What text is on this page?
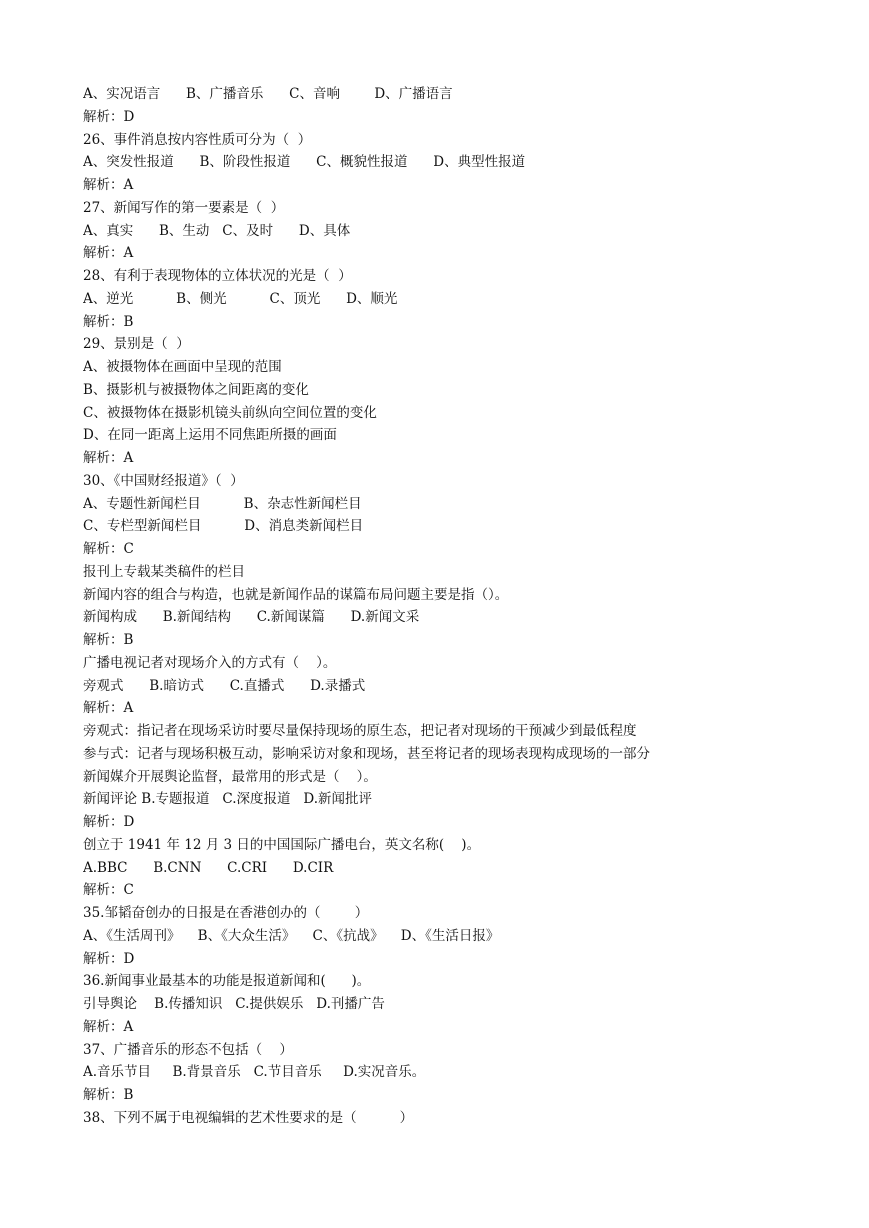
A、实况语言      B、广播音乐      C、音响        D、广播语言
解析：D
26、事件消息按内容性质可分为（  ）
A、突发性报道      B、阶段性报道      C、概貌性报道      D、典型性报道
解析：A
27、新闻写作的第一要素是（  ）
A、真实      B、生动   C、及时      D、具体
解析：A
28、有利于表现物体的立体状况的光是（  ）
A、逆光          B、侧光          C、顶光      D、顺光
解析：B
29、景别是（  ）
A、被摄物体在画面中呈现的范围
B、摄影机与被摄物体之间距离的变化
C、被摄物体在摄影机镜头前纵向空间位置的变化
D、在同一距离上运用不同焦距所摄的画面
解析：A
30、《中国财经报道》（  ）
A、专题性新闻栏目          B、杂志性新闻栏目
C、专栏型新闻栏目          D、消息类新闻栏目
解析：C
报刊上专载某类稿件的栏目
新闻内容的组合与构造，也就是新闻作品的谋篇布局问题主要是指（）。
新闻构成      B.新闻结构      C.新闻谋篇      D.新闻文采
解析：B
广播电视记者对现场介入的方式有（    ）。
旁观式      B.暗访式      C.直播式      D.录播式
解析：A
旁观式：指记者在现场采访时要尽量保持现场的原生态，把记者对现场的干预减少到最低程度
参与式：记者与现场积极互动，影响采访对象和现场，甚至将记者的现场表现构成现场的一部分
新闻媒介开展舆论监督，最常用的形式是（    ）。
新闻评论 B.专题报道   C.深度报道   D.新闻批评
解析：D
创立于 1941 年 12 月 3 日的中国国际广播电台，英文名称(    )。
A.BBC      B.CNN      C.CRI      D.CIR
解析：C
35.邹韬奋创办的日报是在香港创办的（        ）
A、《生活周刊》    B、《大众生活》    C、《抗战》    D、《生活日报》
解析：D
36.新闻事业最基本的功能是报道新闻和(      )。
引导舆论    B.传播知识   C.提供娱乐   D.刊播广告
解析：A
37、广播音乐的形态不包括（    ）
A.音乐节目     B.背景音乐   C.节目音乐     D.实况音乐。
解析：B
38、下列不属于电视编辑的艺术性要求的是（          ）
